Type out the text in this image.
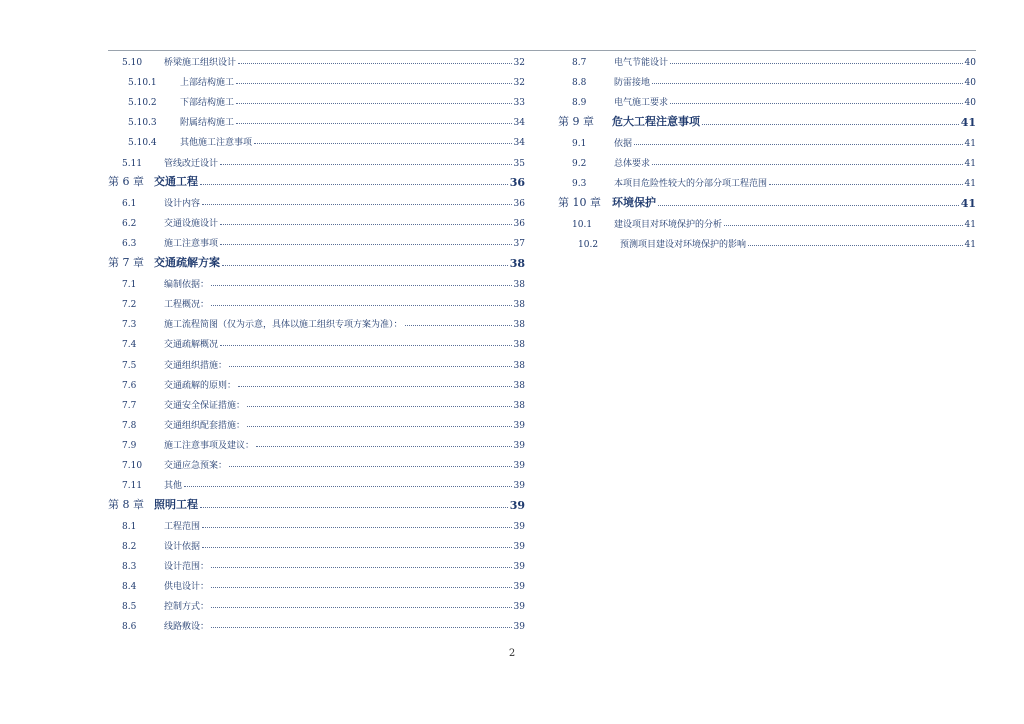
5.10	桥梁施工组织设计	32
5.10.1	上部结构施工	32
5.10.2	下部结构施工	33
5.10.3	附属结构施工	34
5.10.4	其他施工注意事项	34
5.11	管线改迁设计	35
第 6 章 交通工程	36
6.1	设计内容	36
6.2	交通设施设计	36
6.3	施工注意事项	37
第 7 章 交通疏解方案	38
7.1	编制依据：	38
7.2	工程概况：	38
7.3	施工流程简图（仅为示意，具体以施工组织专项方案为准）：	38
7.4	交通疏解概况	38
7.5	交通组织措施：	38
7.6	交通疏解的原则：	38
7.7	交通安全保证措施：	38
7.8	交通组织配套措施：	39
7.9	施工注意事项及建议：	39
7.10	交通应急预案：	39
7.11	其他	39
第 8 章 照明工程	39
8.1	工程范围	39
8.2	设计依据	39
8.3	设计范围：	39
8.4	供电设计：	39
8.5	控制方式：	39
8.6	线路敷设：	39
8.7	电气节能设计	40
8.8	防雷接地	40
8.9	电气施工要求	40
第 9 章	危大工程注意事项	41
9.1	依据	41
9.2	总体要求	41
9.3	本项目危险性较大的分部分项工程范围	41
第 10 章	环境保护	41
10.1	建设项目对环境保护的分析	41
10.2	预测项目建设对环境保护的影响	41
2
